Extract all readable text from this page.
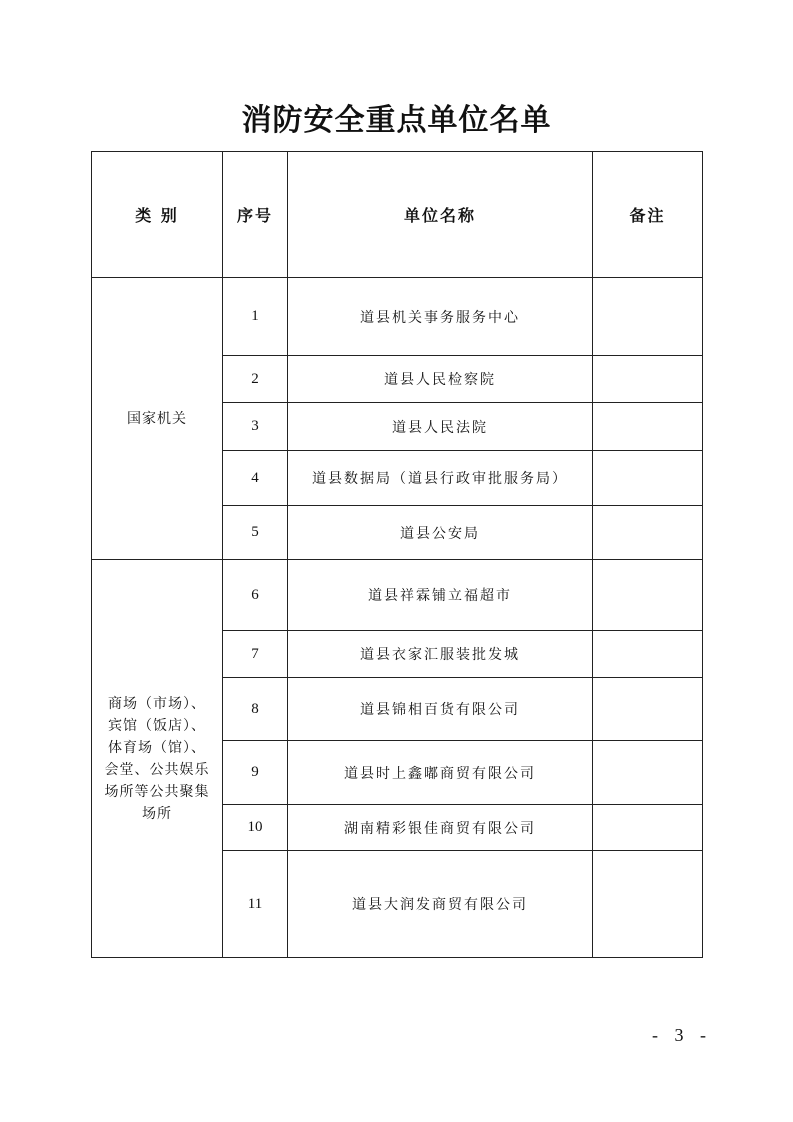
消防安全重点单位名单
类 别	序号	单位名称	备注
国家机关	1	道县机关事务服务中心	
	2	道县人民检察院	
	3	道县人民法院	
	4	道县数据局（道县行政审批服务局）	
	5	道县公安局	
商场（市场）、宾馆（饭店）、体育场（馆）、会堂、公共娱乐场所等公共聚集场所	6	道县祥霖铺立福超市	
	7	道县衣家汇服装批发城	
	8	道县锦相百货有限公司	
	9	道县时上鑫嘟商贸有限公司	
	10	湖南精彩银佳商贸有限公司	
	11	道县大润发商贸有限公司	
- 3 -
